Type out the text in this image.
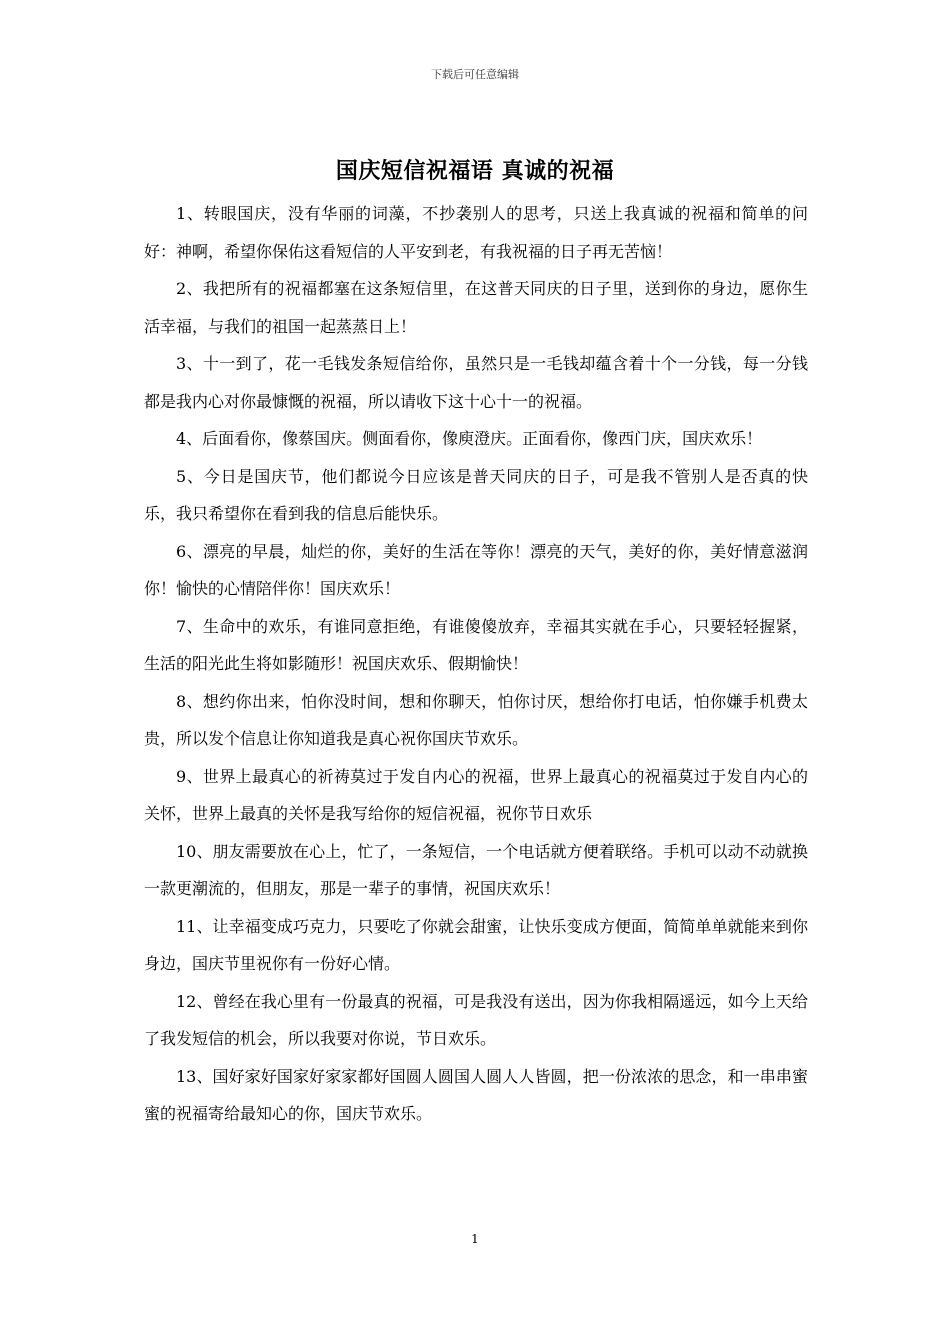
下载后可任意编辑
国庆短信祝福语 真诚的祝福

1、转眼国庆，没有华丽的词藻，不抄袭别人的思考，只送上我真诚的祝福和简单的问好：神啊，希望你保佑这看短信的人平安到老，有我祝福的日子再无苦恼！

2、我把所有的祝福都塞在这条短信里，在这普天同庆的日子里，送到你的身边，愿你生活幸福，与我们的祖国一起蒸蒸日上！

3、十一到了，花一毛钱发条短信给你，虽然只是一毛钱却蕴含着十个一分钱，每一分钱都是我内心对你最慷慨的祝福，所以请收下这十心十一的祝福。

4、后面看你，像蔡国庆。侧面看你，像庾澄庆。正面看你，像西门庆，国庆欢乐！

5、今日是国庆节，他们都说今日应该是普天同庆的日子，可是我不管别人是否真的快乐，我只希望你在看到我的信息后能快乐。

6、漂亮的早晨，灿烂的你，美好的生活在等你！漂亮的天气，美好的你，美好情意滋润你！愉快的心情陪伴你！国庆欢乐！

7、生命中的欢乐，有谁同意拒绝，有谁傻傻放弃，幸福其实就在手心，只要轻轻握紧，生活的阳光此生将如影随形！祝国庆欢乐、假期愉快！

8、想约你出来，怕你没时间，想和你聊天，怕你讨厌，想给你打电话，怕你嫌手机费太贵，所以发个信息让你知道我是真心祝你国庆节欢乐。

9、世界上最真心的祈祷莫过于发自内心的祝福，世界上最真心的祝福莫过于发自内心的关怀，世界上最真的关怀是我写给你的短信祝福，祝你节日欢乐

10、朋友需要放在心上，忙了，一条短信，一个电话就方便着联络。手机可以动不动就换一款更潮流的，但朋友，那是一辈子的事情，祝国庆欢乐！

11、让幸福变成巧克力，只要吃了你就会甜蜜，让快乐变成方便面，简简单单就能来到你身边，国庆节里祝你有一份好心情。

12、曾经在我心里有一份最真的祝福，可是我没有送出，因为你我相隔遥远，如今上天给了我发短信的机会，所以我要对你说，节日欢乐。

13、国好家好国家好家家都好国圆人圆国人圆人人皆圆，把一份浓浓的思念，和一串串蜜蜜的祝福寄给最知心的你，国庆节欢乐。

1
